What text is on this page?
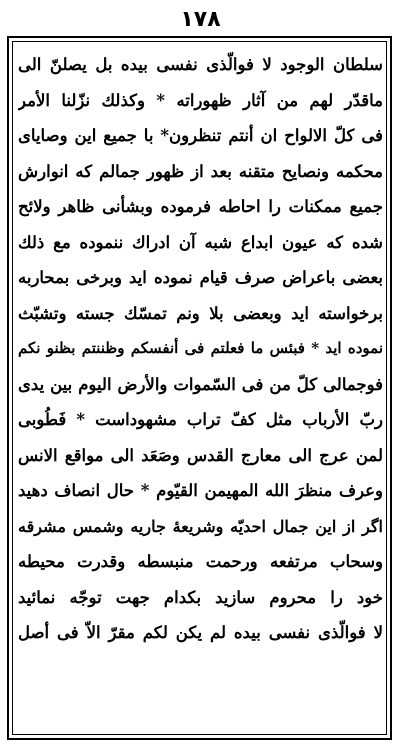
١٧٨
سلطان الوجود لا فوالّذى نفسى بيده بل يصلنّ الى
ماقدّر لهم من آثار ظهوراته * وكذلك نزّلنا الأمر
فى كلّ الالواح ان أنتم تنظرون* با جميع اين وصاياى
محكمه ونصايح متقنه بعد از ظهور جمالم كه انوارش
جميع ممكنات را احاطه فرموده وبشأنى ظاهر ولائح
شده كه عيون ابداع شبه آن ادراك ننموده مع ذلك
بعضى باعراض صرف قيام نموده ايد وبرخى بمحاربه
برخواسته ايد وبعضى بلا ونم تمسّك جسته وتشبّث
نموده ايد * فبئس ما فعلتم فى أنفسكم وظننتم بظنو نكم
فوجمالى كلّ من فى السّموات والأرض اليوم بين يدى
ربّ الأرباب مثل كفّ تراب مشهوداست * فَطُوبى
لمن عرج الى معارج القدس وصَعَد الى مواقع الانس
وعرف منظرَ الله المهيمن القيّوم * حال انصاف دهيد
اگر از اين جمال احديّه وشريعهٔ جاريه وشمس مشرقه
وسحاب مرتفعه ورحمت منبسطه وقدرت محيطه
خود را محروم سازيد بكدام جهت توجّه نمائيد
لا فوالّذى نفسى بيده لم يكن لكم مقرّ الاّ فى أصل
